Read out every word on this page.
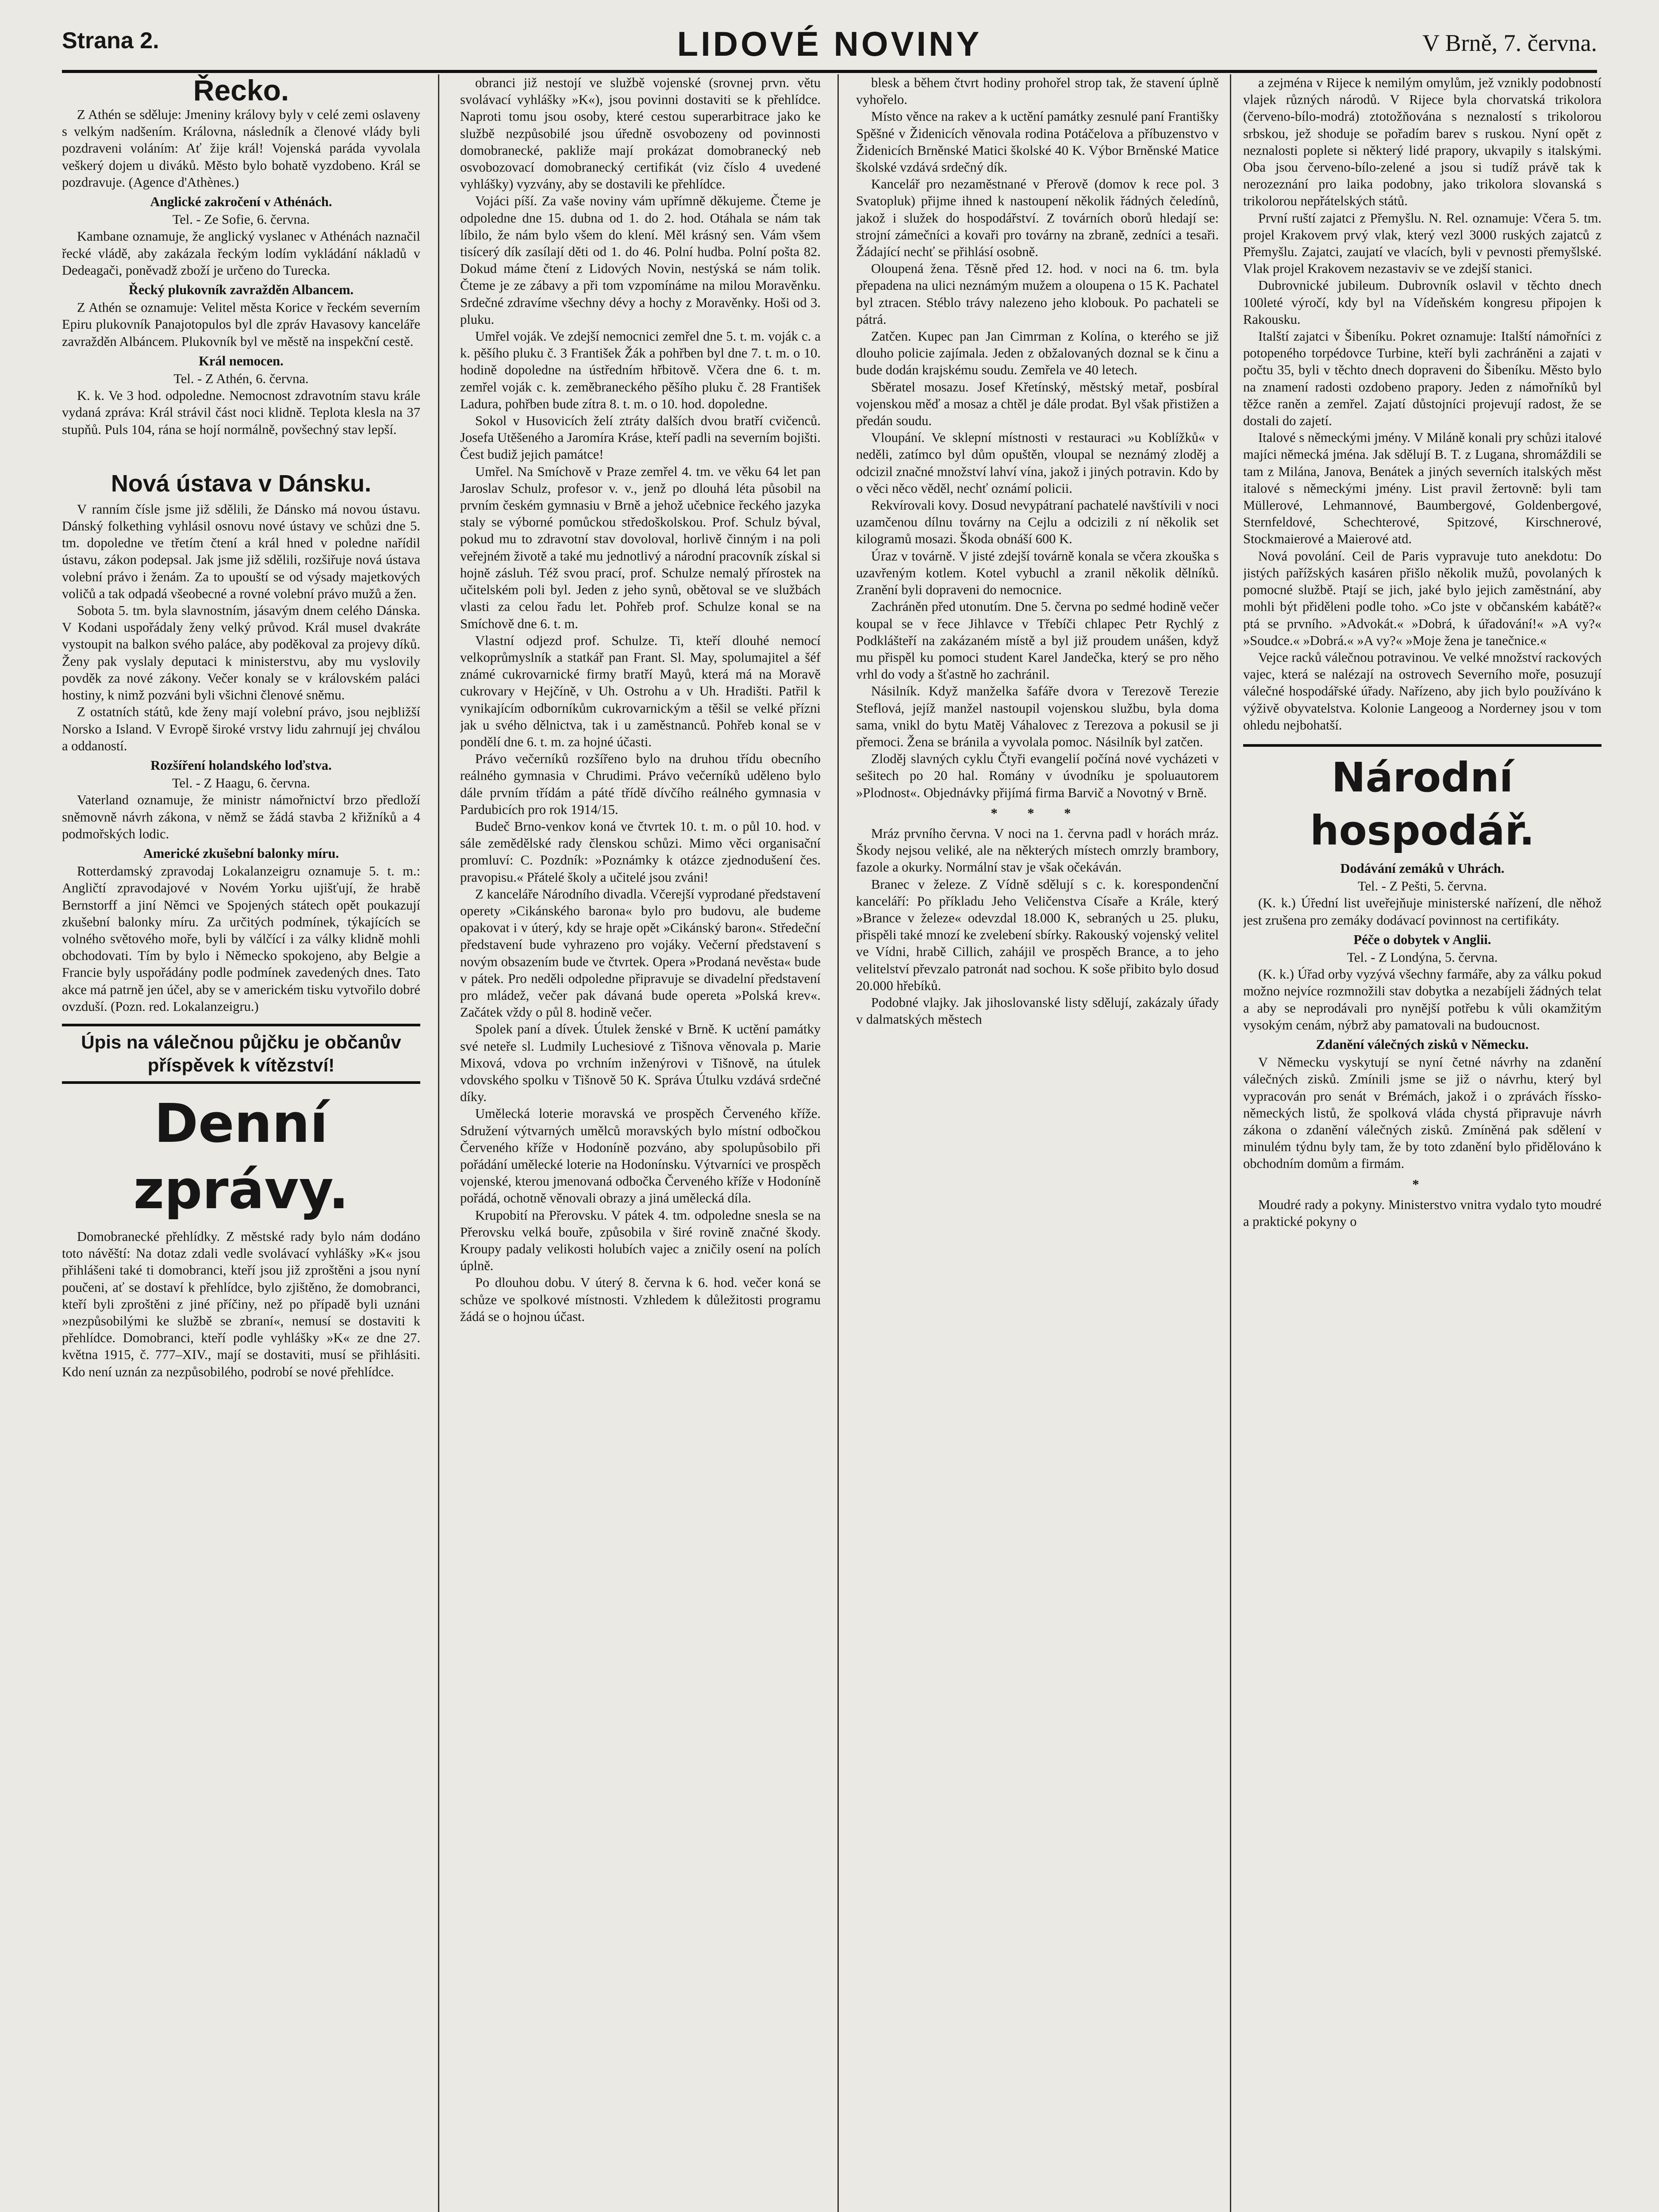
Strana 2.	LIDOVÉ NOVINY	V Brně, 7. června.
Řecko.

Z Athén se sděluje: Jmeniny královy byly v celé zemi oslaveny s velkým nadšením. Královna, následník a členové vlády byli pozdraveni voláním: Ať žije král! Vojenská paráda vyvolala veškerý dojem u diváků. Město bylo bohatě vyzdobeno. Král se pozdravuje. (Agence d'Athènes.)

Anglické zakročení v Athénách.

Tel. - Ze Sofie, 6. června.

Kambane oznamuje, že anglický vyslanec v Athénách naznačil řecké vládě, aby zakázala řeckým lodím vykládání nákladů v Dedeagači, poněvadž zboží je určeno do Turecka.

Řecký plukovník zavražděn Albancem.

Z Athén se oznamuje: Velitel města Korice v řeckém severním Epiru plukovník Panajotopulos byl dle zpráv Havasovy kanceláře zavražděn Albáncem. Plukovník byl ve městě na inspekční cestě.

Král nemocen.

Tel. - Z Athén, 6. června.

K. k. Ve 3 hod. odpoledne. Nemocnost zdravotním stavu krále vydaná zpráva: Král strávil část noci klidně. Teplota klesla na 37 stupňů. Puls 104, rána se hojí normálně, povšechný stav lepší.

Nová ústava v Dánsku.

V ranním čísle jsme již sdělili, že Dánsko má novou ústavu. Dánský folkething vyhlásil osnovu nové ústavy ve schůzi dne 5. tm. dopoledne ve třetím čtení a král hned v poledne nařídil ústavu, zákon podepsal. Jak jsme již sdělili, rozšiřuje nová ústava volební právo i ženám. Za to upouští se od výsady majetkových voličů a tak odpadá všeobecné a rovné volební právo mužů a žen.

Sobota 5. tm. byla slavnostním, jásavým dnem celého Dánska. V Kodani uspořádaly ženy velký průvod. Král musel dvakráte vystoupit na balkon svého paláce, aby poděkoval za projevy díků. Ženy pak vyslaly deputaci k ministerstvu, aby mu vyslovily povděk za nové zákony. Večer konaly se v královském paláci hostiny, k nimž pozváni byli všichni členové sněmu.

Z ostatních států, kde ženy mají volební právo, jsou nejbližší Norsko a Island. V Evropě široké vrstvy lidu zahrnují jej chválou a oddaností.

Rozšíření holandského loďstva.

Tel. - Z Haagu, 6. června.

Vaterland oznamuje, že ministr námořnictví brzo předloží sněmovně návrh zákona, v němž se žádá stavba 2 křižníků a 4 podmořských lodic.

Americké zkušební balonky míru.

Rotterdamský zpravodaj Lokalanzeigru oznamuje 5. t. m.: Angličtí zpravodajové v Novém Yorku ujišťují, že hrabě Bernstorff a jiní Němci ve Spojených státech opět poukazují zkušební balonky míru. Za určitých podmínek, týkajících se volného světového moře, byli by válčící i za války klidně mohli obchodovati. Tím by bylo i Německo spokojeno, aby Belgie a Francie byly uspořádány podle podmínek zavedených dnes. Tato akce má patrně jen účel, aby se v americkém tisku vytvořilo dobré ovzduší. (Pozn. red. Lokalanzeigru.)

Úpis na válečnou půjčku je občanův příspěvek k vítězství!
Denní zprávy.

Domobranecké přehlídky. Z městské rady bylo nám dodáno toto návěští: Na dotaz zdali vedle svolávací vyhlášky »K« jsou přihlášeni také ti domobranci, kteří jsou již zproštěni a jsou nyní poučeni, ať se dostaví k přehlídce, bylo zjištěno, že domobranci, kteří byli zproštěni z jiné příčiny, než po případě byli uznáni »nezpůsobilými ke službě se zbraní«, nemusí se dostaviti k přehlídce. Domobranci, kteří podle vyhlášky »K« ze dne 27. května 1915, č. 777–XIV., mají se dostaviti, musí se přihlásiti. Kdo není uznán za nezpůsobilého, podrobí se nové přehlídce.

obranci již nestojí ve službě vojenské (srovnej prvn. větu svolávací vyhlášky »K«), jsou povinni dostaviti se k přehlídce. Naproti tomu jsou osoby, které cestou superarbitrace jako ke službě nezpůsobilé jsou úředně osvobozeny od povinnosti domobranecké, pakliže mají prokázat domobranecký neb osvobozovací domobranecký certifikát (viz číslo 4 uvedené vyhlášky) vyzvány, aby se dostavili ke přehlídce.

Vojáci píší. Za vaše noviny vám upřímně děkujeme. Čteme je odpoledne dne 15. dubna od 1. do 2. hod. Otáhala se nám tak líbilo, že nám bylo všem do klení. Měl krásný sen. Vám všem tisícerý dík zasílají děti od 1. do 46. Polní hudba. Polní pošta 82. Dokud máme čtení z Lidových Novin, nestýská se nám tolik. Čteme je ze zábavy a při tom vzpomínáme na milou Moravěnku. Srdečné zdravíme všechny dévy a hochy z Moravěnky. Hoši od 3. pluku.

Umřel voják. Ve zdejší nemocnici zemřel dne 5. t. m. voják c. a k. pěšího pluku č. 3 František Žák a pohřben byl dne 7. t. m. o 10. hodině dopoledne na ústředním hřbitově. Včera dne 6. t. m. zemřel voják c. k. zeměbraneckého pěšího pluku č. 28 František Ladura, pohřben bude zítra 8. t. m. o 10. hod. dopoledne.

Sokol v Husovicích želí ztráty dalších dvou bratří cvičenců. Josefa Utěšeného a Jaromíra Kráse, kteří padli na severním bojišti. Čest budiž jejich památce!

Umřel. Na Smíchově v Praze zemřel 4. tm. ve věku 64 let pan Jaroslav Schulz, profesor v. v., jenž po dlouhá léta působil na prvním českém gymnasiu v Brně a jehož učebnice řeckého jazyka staly se výborné pomůckou středoškolskou. Prof. Schulz býval, pokud mu to zdravotní stav dovoloval, horlivě činným i na poli veřejném životě a také mu jednotlivý a národní pracovník získal si hojně zásluh. Též svou prací, prof. Schulze nemalý přírostek na učitelském poli byl. Jeden z jeho synů, obětoval se ve službách vlasti za celou řadu let. Pohřeb prof. Schulze konal se na Smíchově dne 6. t. m.

Vlastní odjezd prof. Schulze. Ti, kteří dlouhé nemocí velkoprůmyslník a statkář pan Frant. Sl. May, spolumajitel a šéf známé cukrovarnické firmy bratří Mayů, která má na Moravě cukrovary v Hejčíně, v Uh. Ostrohu a v Uh. Hradišti. Patřil k vynikajícím odborníkům cukrovarnickým a těšil se velké přízni jak u svého dělnictva, tak i u zaměstnanců. Pohřeb konal se v pondělí dne 6. t. m. za hojné účasti.

Právo večerníků rozšířeno bylo na druhou třídu obecního reálného gymnasia v Chrudimi. Právo večerníků uděleno bylo dále prvním třídám a páté třídě dívčího reálného gymnasia v Pardubicích pro rok 1914/15.

Budeč Brno-venkov koná ve čtvrtek 10. t. m. o půl 10. hod. v sále zemědělské rady členskou schůzi. Mimo věci organisační promluví: C. Pozdník: »Poznámky k otázce zjednodušení čes. pravopisu.« Přátelé školy a učitelé jsou zváni!

Z kanceláře Národního divadla. Včerejší vyprodané představení operety »Cikánského barona« bylo pro budovu, ale budeme opakovat i v úterý, kdy se hraje opět »Cikánský baron«. Středeční představení bude vyhrazeno pro vojáky. Večerní představení s novým obsazením bude ve čtvrtek. Opera »Prodaná nevěsta« bude v pátek. Pro neděli odpoledne připravuje se divadelní představení pro mládež, večer pak dávaná bude opereta »Polská krev«. Začátek vždy o půl 8. hodině večer.

Spolek paní a dívek. Útulek ženské v Brně. K uctění památky své neteře sl. Ludmily Luchesiové z Tišnova věnovala p. Marie Mixová, vdova po vrchním inženýrovi v Tišnově, na útulek vdovského spolku v Tišnově 50 K. Správa Útulku vzdává srdečné díky.

Umělecká loterie moravská ve prospěch Červeného kříže. Sdružení výtvarných umělců moravských bylo místní odbočkou Červeného kříže v Hodoníně pozváno, aby spolupůsobilo při pořádání umělecké loterie na Hodonínsku. Výtvarníci ve prospěch vojenské, kterou jmenovaná odbočka Červeného kříže v Hodoníně pořádá, ochotně věnovali obrazy a jiná umělecká díla.

Krupobití na Přerovsku. V pátek 4. tm. odpoledne snesla se na Přerovsku velká bouře, způsobila v širé rovině značné škody. Kroupy padaly velikosti holubích vajec a zničily osení na polích úplně.

Po dlouhou dobu. V úterý 8. června k 6. hod. večer koná se schůze ve spolkové místnosti. Vzhledem k důležitosti programu žádá se o hojnou účast.

blesk a během čtvrt hodiny prohořel strop tak, že stavení úplně vyhořelo.

Místo věnce na rakev a k uctění památky zesnulé paní Františky Spěšné v Židenicích věnovala rodina Potáčelova a příbuzenstvo v Židenicích Brněnské Matici školské 40 K. Výbor Brněnské Matice školské vzdává srdečný dík.

Kancelář pro nezaměstnané v Přerově (domov k rece pol. 3 Svatopluk) přijme ihned k nastoupení několik řádných čeledínů, jakož i služek do hospodářství. Z továrních oborů hledají se: strojní zámečníci a kovaři pro továrny na zbraně, zedníci a tesaři. Žádající nechť se přihlásí osobně.

Oloupená žena. Těsně před 12. hod. v noci na 6. tm. byla přepadena na ulici neznámým mužem a oloupena o 15 K. Pachatel byl ztracen. Stéblo trávy nalezeno jeho klobouk. Po pachateli se pátrá.

Zatčen. Kupec pan Jan Cimrman z Kolína, o kterého se již dlouho policie zajímala. Jeden z obžalovaných doznal se k činu a bude dodán krajskému soudu. Zemřela ve 40 letech.

Sběratel mosazu. Josef Křetínský, městský metař, posbíral vojenskou měď a mosaz a chtěl je dále prodat. Byl však přistižen a předán soudu.

Vloupání. Ve sklepní místnosti v restauraci »u Koblížků« v neděli, zatímco byl dům opuštěn, vloupal se neznámý zloděj a odcizil značné množství lahví vína, jakož i jiných potravin. Kdo by o věci něco věděl, nechť oznámí policii.

Rekvírovali kovy. Dosud nevypátraní pachatelé navštívili v noci uzamčenou dílnu továrny na Cejlu a odcizili z ní několik set kilogramů mosazi. Škoda obnáší 600 K.

Úraz v továrně. V jisté zdejší továrně konala se včera zkouška s uzavřeným kotlem. Kotel vybuchl a zranil několik dělníků. Zranění byli dopraveni do nemocnice.

Zachráněn před utonutím. Dne 5. června po sedmé hodině večer koupal se v řece Jihlavce v Třebíči chlapec Petr Rychlý z Podklášteří na zakázaném místě a byl již proudem unášen, když mu přispěl ku pomoci student Karel Jandečka, který se pro něho vrhl do vody a šťastně ho zachránil.

Násilník. Když manželka šafáře dvora v Terezově Terezie Steflová, jejíž manžel nastoupil vojenskou službu, byla doma sama, vnikl do bytu Matěj Váhalovec z Terezova a pokusil se ji přemoci. Žena se bránila a vyvolala pomoc. Násilník byl zatčen.

Zloděj slavných cyklu Čtyři evangelií počíná nové vycházeti v sešitech po 20 hal. Romány v úvodníku je spoluautorem »Plodnost«. Objednávky přijímá firma Barvič a Novotný v Brně.

* * *

Mráz prvního června. V noci na 1. června padl v horách mráz. Škody nejsou veliké, ale na některých místech omrzly brambory, fazole a okurky. Normální stav je však očekáván.

Branec v železe. Z Vídně sdělují s c. k. korespondenční kanceláří: Po příkladu Jeho Veličenstva Císaře a Krále, který »Brance v železe« odevzdal 18.000 K, sebraných u 25. pluku, přispěli také mnozí ke zvelebení sbírky. Rakouský vojenský velitel ve Vídni, hrabě Cillich, zahájil ve prospěch Brance, a to jeho velitelství převzalo patronát nad sochou. K soše přibito bylo dosud 20.000 hřebíků.

Podobné vlajky. Jak jihoslovanské listy sdělují, zakázaly úřady v dalmatských městech

a zejména v Rijece k nemilým omylům, jež vznikly podobností vlajek různých národů. V Rijece byla chorvatská trikolora (červeno-bílo-modrá) ztotožňována s neznalostí s trikolorou srbskou, jež shoduje se pořadím barev s ruskou. Nyní opět z neznalosti poplete si některý lidé prapory, ukvapily s italskými. Oba jsou červeno-bílo-zelené a jsou si tudíž právě tak k nerozeznání pro laika podobny, jako trikolora slovanská s trikolorou nepřátelských států.

První ruští zajatci z Přemyšlu. N. Rel. oznamuje: Včera 5. tm. projel Krakovem prvý vlak, který vezl 3000 ruských zajatců z Přemyšlu. Zajatci, zaujatí ve vlacích, byli v pevnosti přemyšlské. Vlak projel Krakovem nezastaviv se ve zdejší stanici.

Dubrovnické jubileum. Dubrovník oslavil v těchto dnech 100leté výročí, kdy byl na Vídeňském kongresu připojen k Rakousku.

Italští zajatci v Šibeníku. Pokret oznamuje: Italští námořníci z potopeného torpédovce Turbine, kteří byli zachráněni a zajati v počtu 35, byli v těchto dnech dopraveni do Šibeníku. Město bylo na znamení radosti ozdobeno prapory. Jeden z námořníků byl těžce raněn a zemřel. Zajatí důstojníci projevují radost, že se dostali do zajetí.

Italové s německými jmény. V Miláně konali pry schůzi italové majíci německá jména. Jak sdělují B. T. z Lugana, shromáždili se tam z Milána, Janova, Benátek a jiných severních italských měst italové s německými jmény. List pravil žertovně: byli tam Müllerové, Lehmannové, Baumbergové, Goldenbergové, Sternfeldové, Schechterové, Spitzové, Kirschnerové, Stockmaierové a Maierové atd.

Nová povolání. Ceil de Paris vypravuje tuto anekdotu: Do jistých pařížských kasáren přišlo několik mužů, povolaných k pomocné službě. Ptají se jich, jaké bylo jejich zaměstnání, aby mohli být přiděleni podle toho. »Co jste v občanském kabátě?« ptá se prvního. »Advokát.« »Dobrá, k úřadování!« »A vy?« »Soudce.« »Dobrá.« »A vy?« »Moje žena je tanečnice.«

Vejce racků válečnou potravinou. Ve velké množství rackových vajec, která se nalézají na ostrovech Severního moře, posuzují válečné hospodářské úřady. Nařízeno, aby jich bylo používáno k výživě obyvatelstva. Kolonie Langeoog a Norderney jsou v tom ohledu nejbohatší.

Národní hospodář.

Dodávání zemáků v Uhrách.

Tel. - Z Pešti, 5. června.

(K. k.) Úřední list uveřejňuje ministerské nařízení, dle něhož jest zrušena pro zemáky dodávací povinnost na certifikáty.

Péče o dobytek v Anglii.

Tel. - Z Londýna, 5. června.

(K. k.) Úřad orby vyzývá všechny farmáře, aby za válku pokud možno nejvíce rozmnožili stav dobytka a nezabíjeli žádných telat a aby se neprodávali pro nynější potřebu k vůli okamžitým vysokým cenám, nýbrž aby pamatovali na budoucnost.

Zdanění válečných zisků v Německu.

V Německu vyskytují se nyní četné návrhy na zdanění válečných zisků. Zmínili jsme se již o návrhu, který byl vypracován pro senát v Brémách, jakož i o zprávách říssko-německých listů, že spolková vláda chystá připravuje návrh zákona o zdanění válečných zisků. Zmíněná pak sdělení v minulém týdnu byly tam, že by toto zdanění bylo přidělováno k obchodním domům a firmám.

*

Moudré rady a pokyny. Ministerstvo vnitra vydalo tyto moudré a praktické pokyny o
